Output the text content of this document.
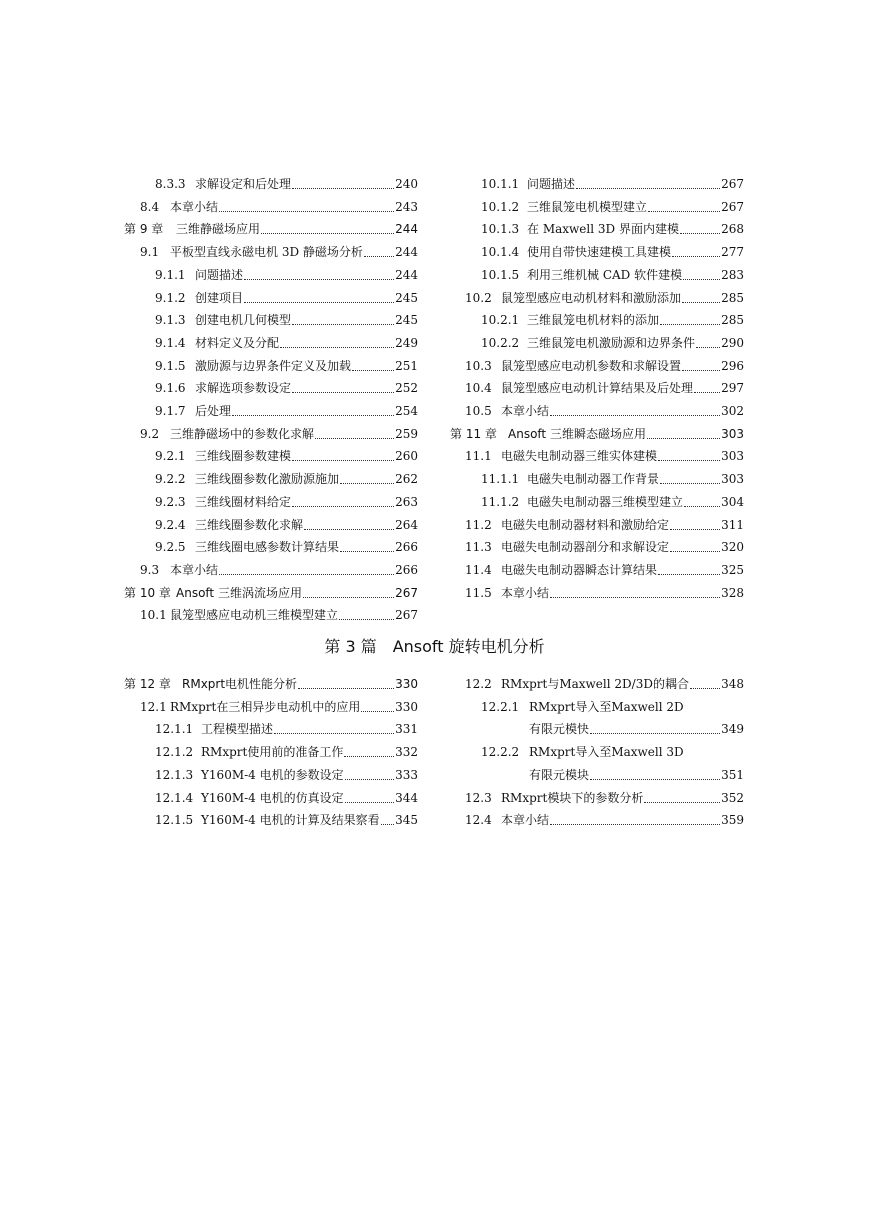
第 3 篇　Ansoft 旋转电机分析
8.3.3 求解设定和后处理	240
8.4 本章小结	243
第 9 章	三维静磁场应用	244
9.1 平板型直线永磁电机 3D 静磁场分析	244
9.1.1 问题描述	244
9.1.2 创建项目	245
9.1.3 创建电机几何模型	245
9.1.4 材料定义及分配	249
9.1.5 激励源与边界条件定义及加载	251
9.1.6 求解选项参数设定	252
9.1.7 后处理	254
9.2 三维静磁场中的参数化求解	259
9.2.1 三维线圈参数建模	260
9.2.2 三维线圈参数化激励源施加	262
9.2.3 三维线圈材料给定	263
9.2.4 三维线圈参数化求解	264
9.2.5 三维线圈电感参数计算结果	266
9.3 本章小结	266
第 10 章 Ansoft 三维涡流场应用	267
10.1 鼠笼型感应电动机三维模型建立	267
10.1.1 问题描述	267
10.1.2 三维鼠笼电机模型建立	267
10.1.3 在 Maxwell 3D 界面内建模	268
10.1.4 使用自带快速建模工具建模	277
10.1.5 利用三维机械 CAD 软件建模	283
10.2 鼠笼型感应电动机材料和激励添加	285
10.2.1 三维鼠笼电机材料的添加	285
10.2.2 三维鼠笼电机激励源和边界条件 290
10.3 鼠笼型感应电动机参数和求解设置	296
10.4 鼠笼型感应电动机计算结果及后处理 297
10.5 本章小结	302
第 11 章 Ansoft 三维瞬态磁场应用	303
11.1 电磁失电制动器三维实体建模	303
11.1.1 电磁失电制动器工作背景	303
11.1.2 电磁失电制动器三维模型建立	304
11.2 电磁失电制动器材料和激励给定	311
11.3 电磁失电制动器剖分和求解设定	320
11.4 电磁失电制动器瞬态计算结果	325
11.5 本章小结	328
第 12 章 RMxprt电机性能分析	330
12.1 RMxprt在三相异步电动机中的应用	330
12.1.1 工程模型描述	331
12.1.2 RMxprt使用前的准备工作	332
12.1.3 Y160M-4 电机的参数设定	333
12.1.4 Y160M-4 电机的仿真设定	344
12.1.5 Y160M-4 电机的计算及结果察看 345
12.2 RMxprt与Maxwell 2D/3D的耦合	348
12.2.1 RMxprt导入至Maxwell 2D
有限元模快	349
12.2.2 RMxprt导入至Maxwell 3D
有限元模块	351
12.3 RMxprt模块下的参数分析	352
12.4 本章小结	359
